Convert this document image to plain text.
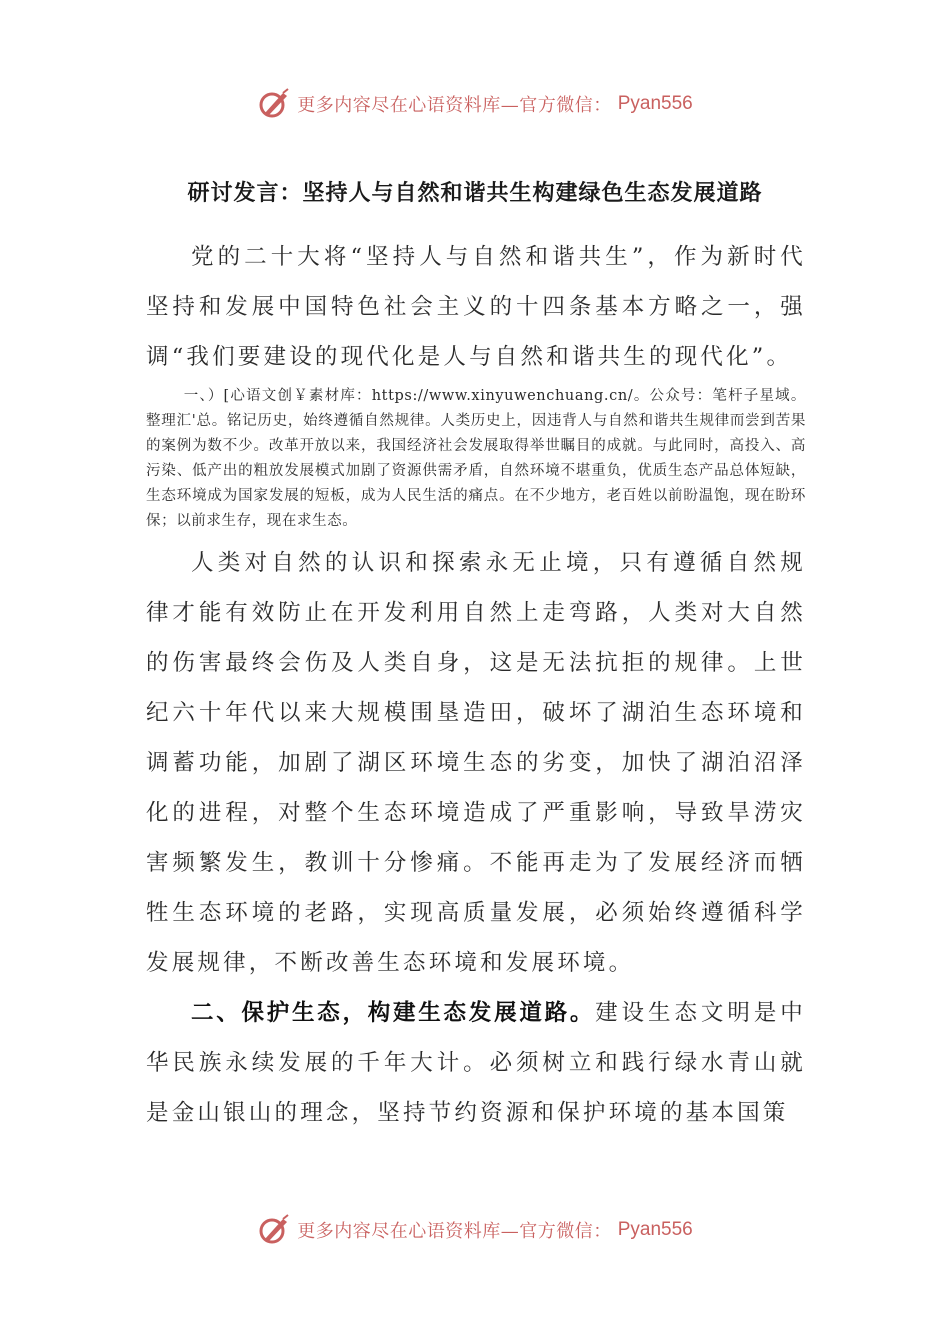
更多内容尽在心语资料库—官方微信： Pyan556
研讨发言：坚持人与自然和谐共生构建绿色生态发展道路

党的二十大将“坚持人与自然和谐共生”，作为新时代坚持和发展中国特色社会主义的十四条基本方略之一，强调“我们要建设的现代化是人与自然和谐共生的现代化”。

一、）[心语文创￥素材库：https://www.xinyuwenchuang.cn/。公众号：笔杆子星域。整理汇'总。铭记历史，始终遵循自然规律。人类历史上，因违背人与自然和谐共生规律而尝到苦果的案例为数不少。改革开放以来，我国经济社会发展取得举世瞩目的成就。与此同时，高投入、高污染、低产出的粗放发展模式加剧了资源供需矛盾，自然环境不堪重负，优质生态产品总体短缺，生态环境成为国家发展的短板，成为人民生活的痛点。在不少地方，老百姓以前盼温饱，现在盼环保；以前求生存，现在求生态。

人类对自然的认识和探索永无止境，只有遵循自然规律才能有效防止在开发利用自然上走弯路，人类对大自然的伤害最终会伤及人类自身，这是无法抗拒的规律。上世纪六十年代以来大规模围垦造田，破坏了湖泊生态环境和调蓄功能，加剧了湖区环境生态的劣变，加快了湖泊沼泽化的进程，对整个生态环境造成了严重影响，导致旱涝灾害频繁发生，教训十分惨痛。不能再走为了发展经济而牺牲生态环境的老路，实现高质量发展，必须始终遵循科学发展规律，不断改善生态环境和发展环境。

二、保护生态，构建生态发展道路。建设生态文明是中华民族永续发展的千年大计。必须树立和践行绿水青山就是金山银山的理念，坚持节约资源和保护环境的基本国策

更多内容尽在心语资料库—官方微信： Pyan556
